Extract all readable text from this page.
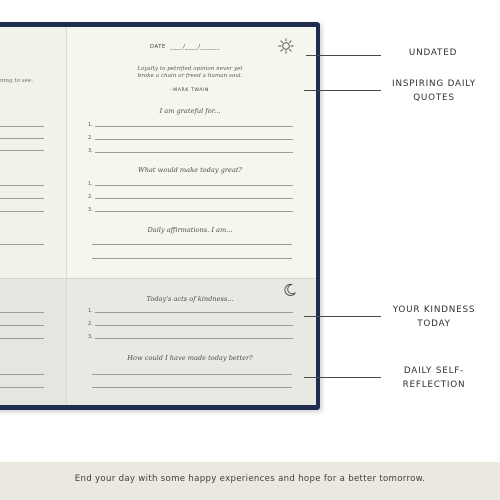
ning to see.
DATE  ____/____/______
Loyalty to petrified opinion never yet
broke a chain or freed a human soul.
-MARK TWAIN
I am grateful for...
1.
2.
3.
What would make today great?
1.
2.
3.
Daily affirmations. I am...
Today's acts of kindness...
1.
2.
3.
How could I have made today better?
UNDATED
INSPIRING DAILY QUOTES
YOUR KINDNESS TODAY
DAILY SELF-REFLECTION
End your day with some happy experiences and hope for a better tomorrow.
